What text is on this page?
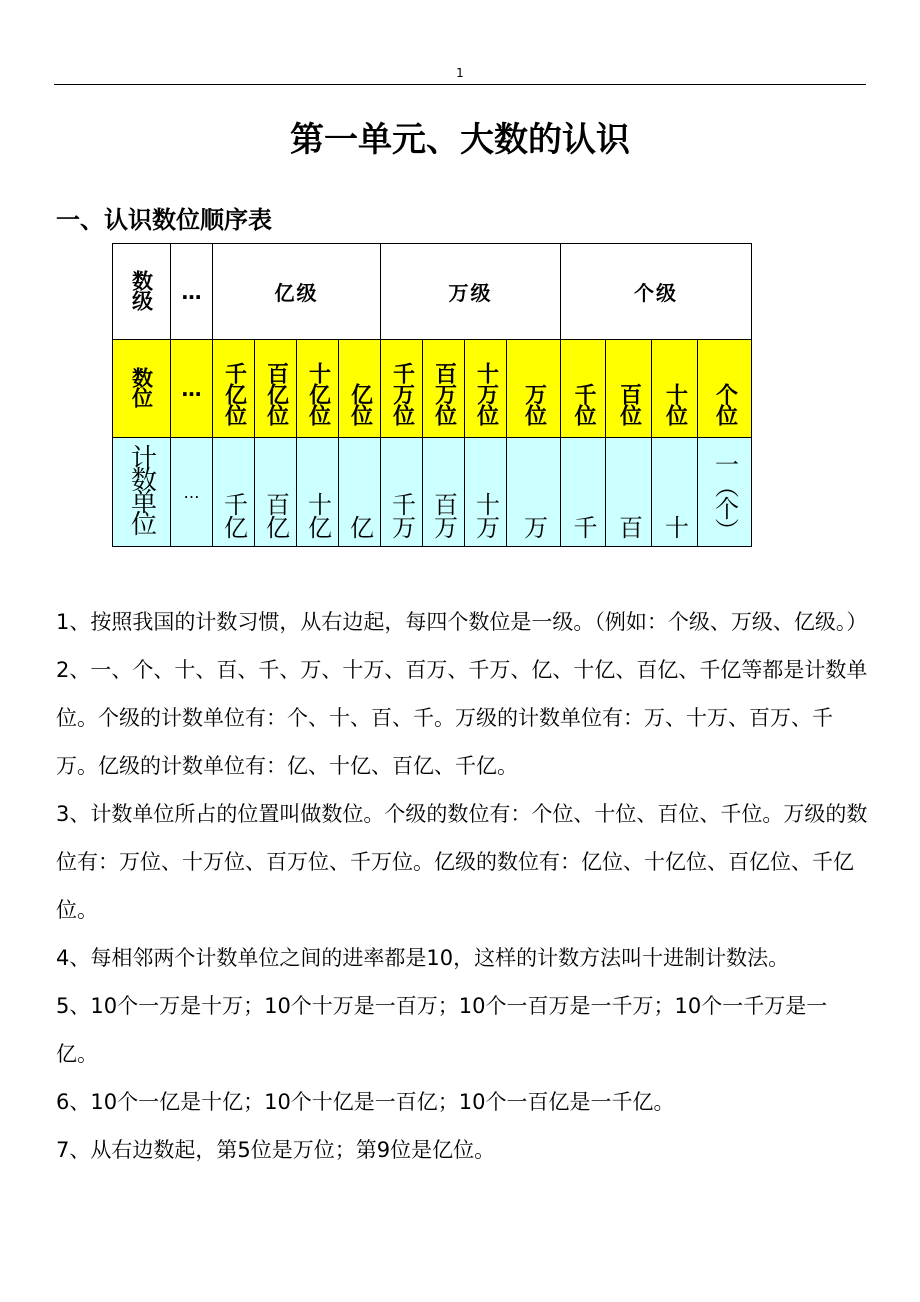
1
第一单元、大数的认识
一、认识数位顺序表
数级	…	亿级				万级				个级			
数位	…	千亿位	百亿位	十亿位	亿位	千万位	百万位	十万位	万位	千位	百位	十位	个位
计数单位	…	千亿	百亿	十亿	亿	千万	百万	十万	万	千	百	十	一（个）

1、按照我国的计数习惯，从右边起，每四个数位是一级。（例如：个级、万级、亿级。）

2、一、个、十、百、千、万、十万、百万、千万、亿、十亿、百亿、千亿等都是计数单位。个级的计数单位有：个、十、百、千。万级的计数单位有：万、十万、百万、千万。亿级的计数单位有：亿、十亿、百亿、千亿。

3、计数单位所占的位置叫做数位。个级的数位有：个位、十位、百位、千位。万级的数位有：万位、十万位、百万位、千万位。亿级的数位有：亿位、十亿位、百亿位、千亿位。

4、每相邻两个计数单位之间的进率都是10，这样的计数方法叫十进制计数法。

5、10个一万是十万；10个十万是一百万；10个一百万是一千万；10个一千万是一亿。

6、10个一亿是十亿；10个十亿是一百亿；10个一百亿是一千亿。

7、从右边数起，第5位是万位；第9位是亿位。
